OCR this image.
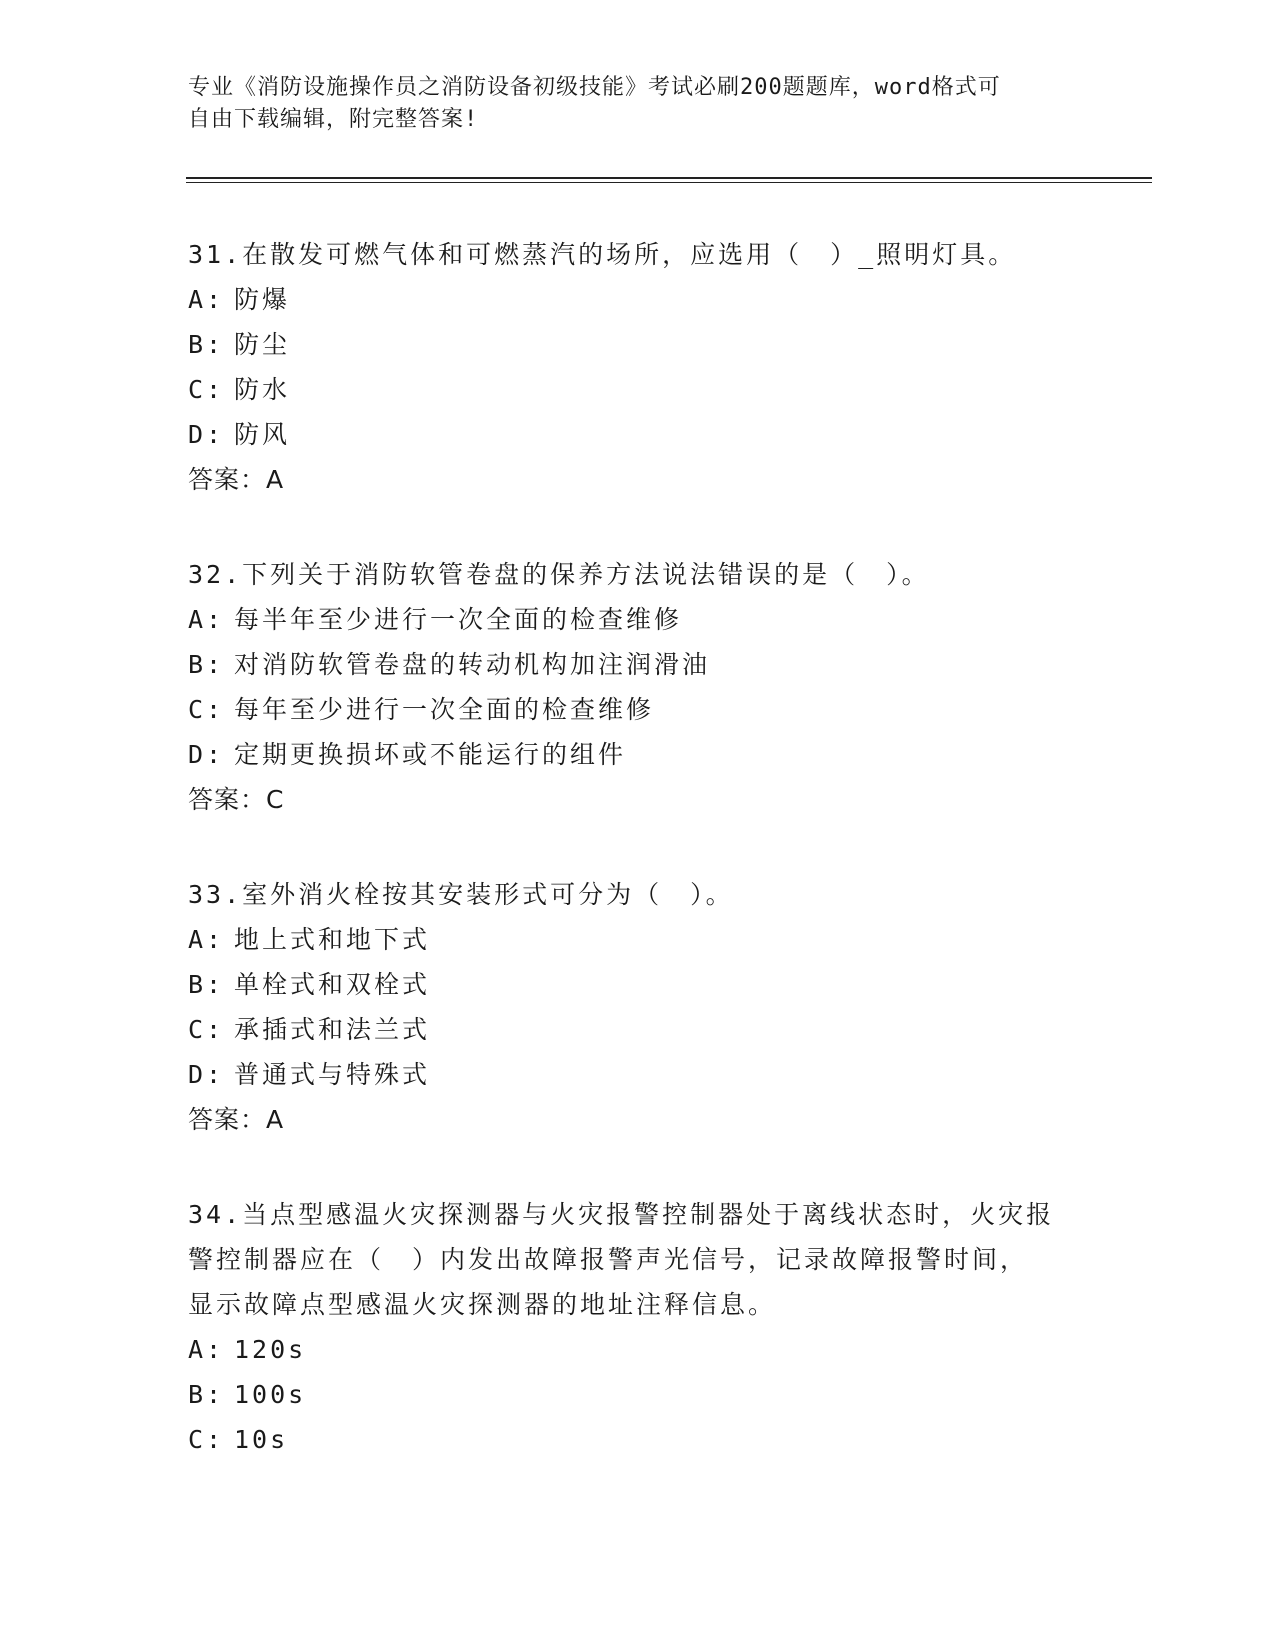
专业《消防设施操作员之消防设备初级技能》考试必刷200题题库，word格式可
自由下载编辑，附完整答案!

31.在散发可燃气体和可燃蒸汽的场所，应选用（　）_照明灯具。

A: 防爆

B: 防尘

C: 防水

D: 防风

答案：A

32.下列关于消防软管卷盘的保养方法说法错误的是（　）。

A: 每半年至少进行一次全面的检查维修

B: 对消防软管卷盘的转动机构加注润滑油

C: 每年至少进行一次全面的检查维修

D: 定期更换损坏或不能运行的组件

答案：C

33.室外消火栓按其安装形式可分为（　）。

A: 地上式和地下式

B: 单栓式和双栓式

C: 承插式和法兰式

D: 普通式与特殊式

答案：A

34.当点型感温火灾探测器与火灾报警控制器处于离线状态时，火灾报

警控制器应在（　）内发出故障报警声光信号，记录故障报警时间，

显示故障点型感温火灾探测器的地址注释信息。

A: 120s

B: 100s

C: 10s
